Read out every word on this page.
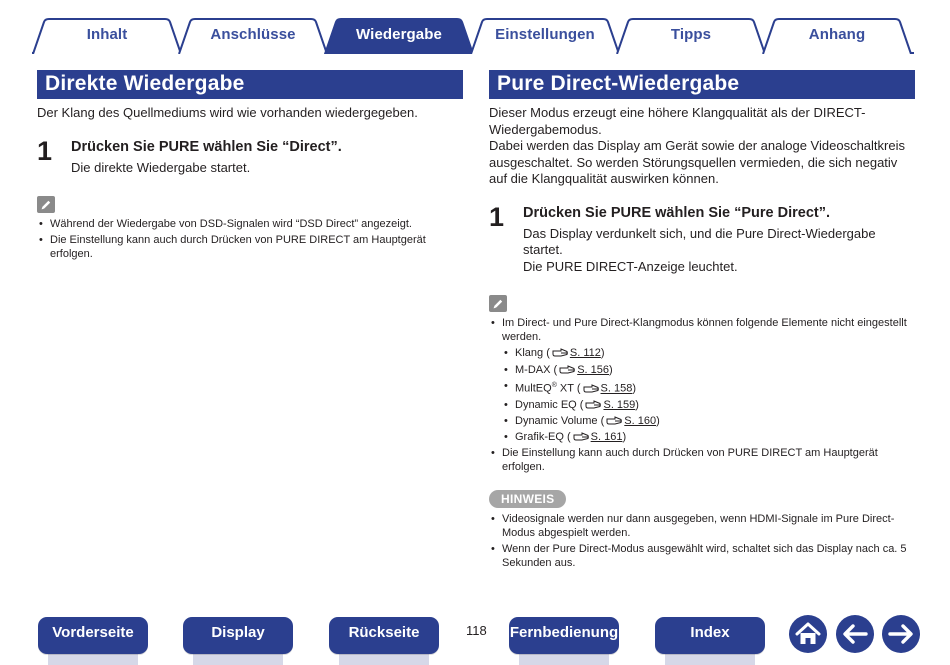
Inhalt	Anschlüsse	Wiedergabe	Einstellungen	Tipps	Anhang
Direkte Wiedergabe
Der Klang des Quellmediums wird wie vorhanden wiedergegeben.
1 Drücken Sie PURE wählen Sie “Direct”.
Die direkte Wiedergabe startet.
• Während der Wiedergabe von DSD-Signalen wird “DSD Direct” angezeigt.
• Die Einstellung kann auch durch Drücken von PURE DIRECT am Hauptgerät erfolgen.
Pure Direct-Wiedergabe
Dieser Modus erzeugt eine höhere Klangqualität als der DIRECT-Wiedergabemodus.
Dabei werden das Display am Gerät sowie der analoge Videoschaltkreis ausgeschaltet. So werden Störungsquellen vermieden, die sich negativ auf die Klangqualität auswirken können.
1 Drücken Sie PURE wählen Sie “Pure Direct”.
Das Display verdunkelt sich, und die Pure Direct-Wiedergabe startet.
Die PURE DIRECT-Anzeige leuchtet.
• Im Direct- und Pure Direct-Klangmodus können folgende Elemente nicht eingestellt werden.
• Klang ( S. 112)
• M-DAX ( S. 156)
• MultEQ® XT ( S. 158)
• Dynamic EQ ( S. 159)
• Dynamic Volume ( S. 160)
• Grafik-EQ ( S. 161)
• Die Einstellung kann auch durch Drücken von PURE DIRECT am Hauptgerät erfolgen.
HINWEIS
• Videosignale werden nur dann ausgegeben, wenn HDMI-Signale im Pure Direct-Modus abgespielt werden.
• Wenn der Pure Direct-Modus ausgewählt wird, schaltet sich das Display nach ca. 5 Sekunden aus.
Vorderseite	Display	Rückseite	118 Fernbedienung	Index
